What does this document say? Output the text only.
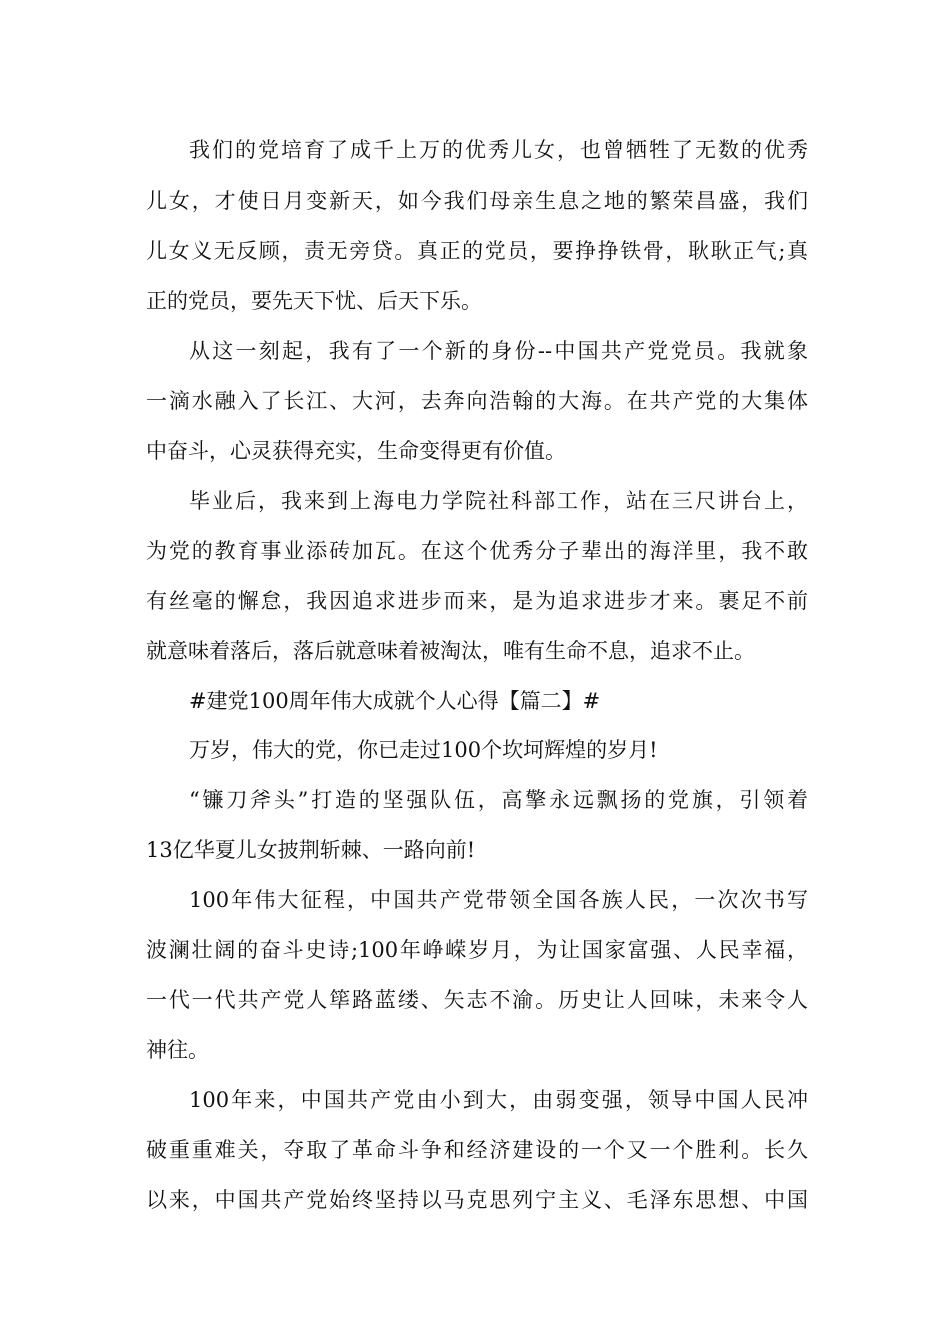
我们的党培育了成千上万的优秀儿女，也曾牺牲了无数的优秀

儿女，才使日月变新天，如今我们母亲生息之地的繁荣昌盛，我们

儿女义无反顾，责无旁贷。真正的党员，要挣挣铁骨，耿耿正气;真

正的党员，要先天下忧、后天下乐。

从这一刻起，我有了一个新的身份--中国共产党党员。我就象

一滴水融入了长江、大河，去奔向浩翰的大海。在共产党的大集体

中奋斗，心灵获得充实，生命变得更有价值。

毕业后，我来到上海电力学院社科部工作，站在三尺讲台上，

为党的教育事业添砖加瓦。在这个优秀分子辈出的海洋里，我不敢

有丝毫的懈怠，我因追求进步而来，是为追求进步才来。裹足不前

就意味着落后，落后就意味着被淘汰，唯有生命不息，追求不止。

#建党100周年伟大成就个人心得【篇二】#

万岁，伟大的党，你已走过100个坎坷辉煌的岁月!

“镰刀斧头”打造的坚强队伍，高擎永远飘扬的党旗，引领着

13亿华夏儿女披荆斩棘、一路向前!

100年伟大征程，中国共产党带领全国各族人民，一次次书写

波澜壮阔的奋斗史诗;100年峥嵘岁月，为让国家富强、人民幸福，

一代一代共产党人筚路蓝缕、矢志不渝。历史让人回味，未来令人

神往。

100年来，中国共产党由小到大，由弱变强，领导中国人民冲

破重重难关，夺取了革命斗争和经济建设的一个又一个胜利。长久

以来，中国共产党始终坚持以马克思列宁主义、毛泽东思想、中国
